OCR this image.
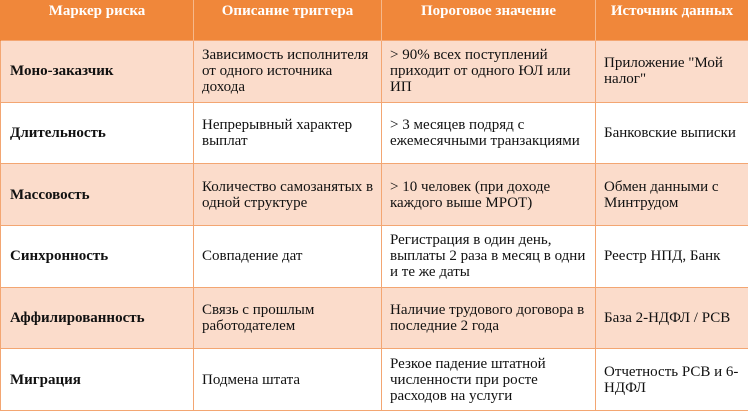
Маркер риска	Описание триггера	Пороговое значение	Источник данных
Моно-заказчик	Зависимость исполнителя от одного источника дохода	> 90% всех поступлений приходит от одного ЮЛ или ИП	Приложение "Мой налог"
Длительность	Непрерывный характер выплат	> 3 месяцев подряд с ежемесячными транзакциями	Банковские выписки
Массовость	Количество самозанятых в одной структуре	> 10 человек (при доходе каждого выше МРОТ)	Обмен данными с Минтрудом
Синхронность	Совпадение дат	Регистрация в один день, выплаты 2 раза в месяц в одни и те же даты	Реестр НПД, Банк
Аффилированность	Связь с прошлым работодателем	Наличие трудового договора в последние 2 года	База 2-НДФЛ / РСВ
Миграция	Подмена штата	Резкое падение штатной численности при росте расходов на услуги	Отчетность РСВ и 6-НДФЛ
